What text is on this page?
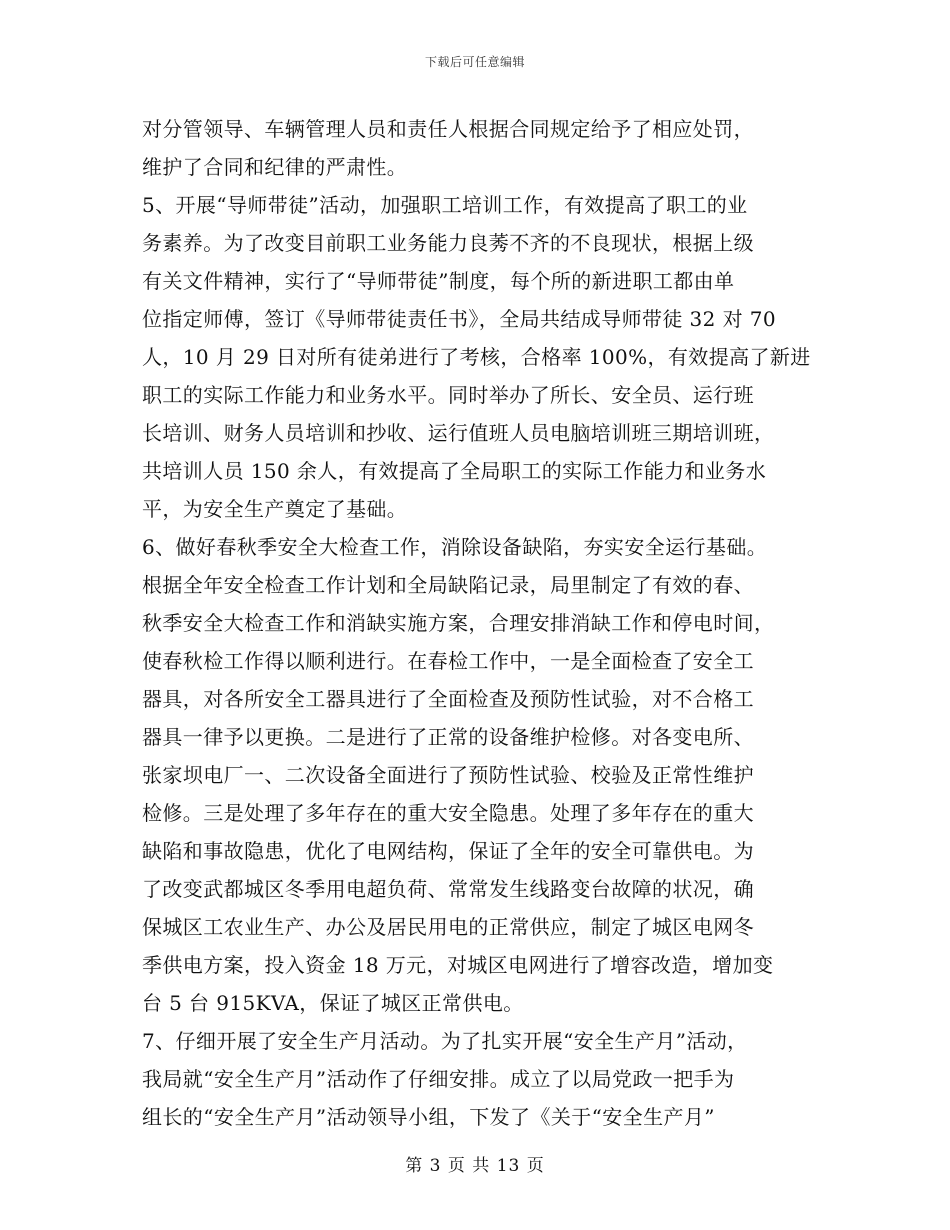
下载后可任意编辑
对分管领导、车辆管理人员和责任人根据合同规定给予了相应处罚，
维护了合同和纪律的严肃性。
5、开展“导师带徒”活动，加强职工培训工作，有效提高了职工的业
务素养。为了改变目前职工业务能力良莠不齐的不良现状，根据上级
有关文件精神，实行了“导师带徒”制度，每个所的新进职工都由单
位指定师傅，签订《导师带徒责任书》，全局共结成导师带徒 32 对 70
人，10 月 29 日对所有徒弟进行了考核，合格率 100%，有效提高了新进
职工的实际工作能力和业务水平。同时举办了所长、安全员、运行班
长培训、财务人员培训和抄收、运行值班人员电脑培训班三期培训班，
共培训人员 150 余人，有效提高了全局职工的实际工作能力和业务水
平，为安全生产奠定了基础。
6、做好春秋季安全大检查工作，消除设备缺陷，夯实安全运行基础。
根据全年安全检查工作计划和全局缺陷记录，局里制定了有效的春、
秋季安全大检查工作和消缺实施方案，合理安排消缺工作和停电时间，
使春秋检工作得以顺利进行。在春检工作中，一是全面检查了安全工
器具，对各所安全工器具进行了全面检查及预防性试验，对不合格工
器具一律予以更换。二是进行了正常的设备维护检修。对各变电所、
张家坝电厂一、二次设备全面进行了预防性试验、校验及正常性维护
检修。三是处理了多年存在的重大安全隐患。处理了多年存在的重大
缺陷和事故隐患，优化了电网结构，保证了全年的安全可靠供电。为
了改变武都城区冬季用电超负荷、常常发生线路变台故障的状况，确
保城区工农业生产、办公及居民用电的正常供应，制定了城区电网冬
季供电方案，投入资金 18 万元，对城区电网进行了增容改造，增加变
台 5 台 915KVA，保证了城区正常供电。
7、仔细开展了安全生产月活动。为了扎实开展“安全生产月”活动，
我局就“安全生产月”活动作了仔细安排。成立了以局党政一把手为
组长的“安全生产月”活动领导小组，下发了《关于“安全生产月”
第 3 页 共 13 页
